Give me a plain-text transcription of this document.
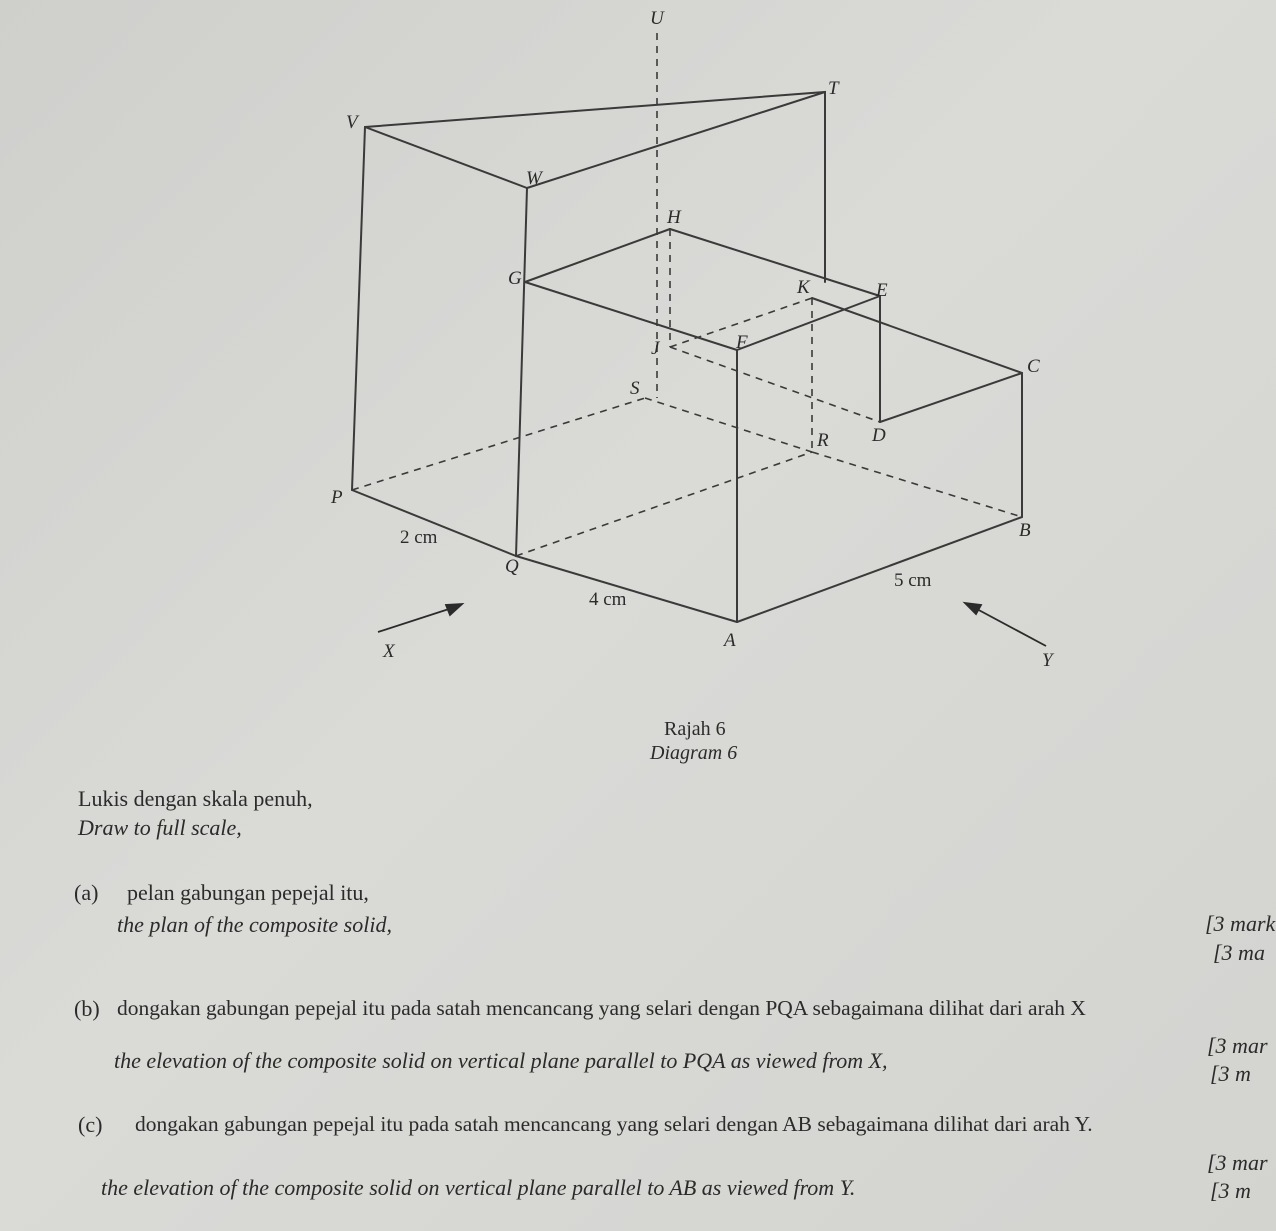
U
T
V
W
H
G	K	E
J	F
C
S
R D
P
B
Q
A
X	Y
2 cm
4 cm
5 cm
Rajah 6
Diagram 6
Lukis dengan skala penuh,
Draw to full scale,
(a) pelan gabungan pepejal itu,
the plan of the composite solid,	[3 mark
[3 ma
(b) dongakan gabungan pepejal itu pada satah mencancang yang selari dengan PQA sebagaimana dilihat dari arah X
[3 mar
the elevation of the composite solid on vertical plane parallel to PQA as viewed from X,
[3 m
(c) dongakan gabungan pepejal itu pada satah mencancang yang selari dengan AB sebagaimana dilihat dari arah Y.
[3 mar
the elevation of the composite solid on vertical plane parallel to AB as viewed from Y.	[3 m
